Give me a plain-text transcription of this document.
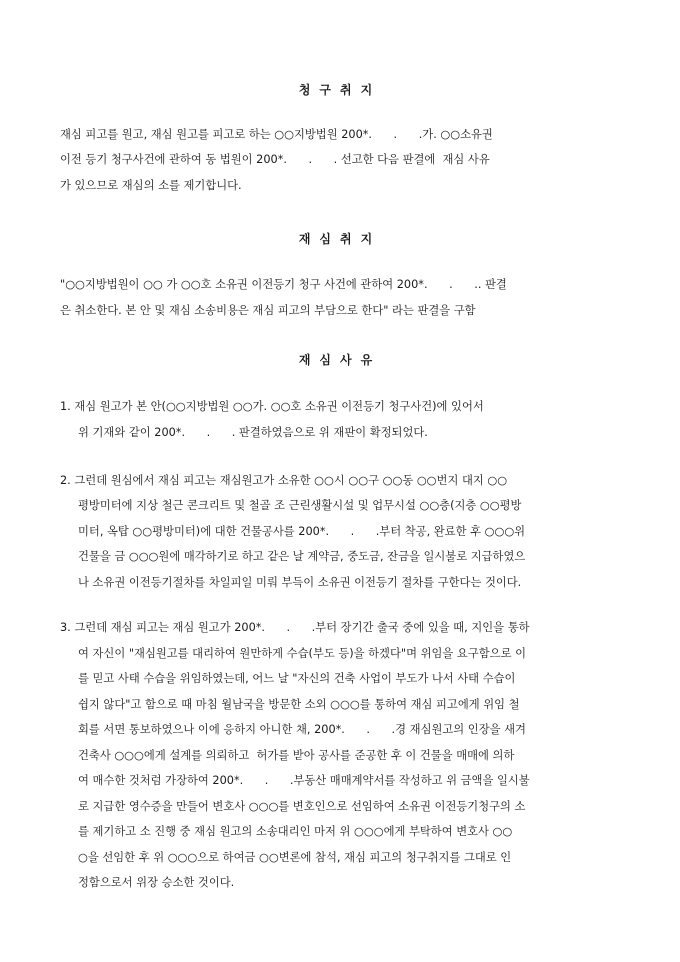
청구취지

재심 피고를 원고, 재심 원고를 피고로 하는 ○○지방법원 200*.      .      .가. ○○소유권

이전 등기 청구사건에 관하여 동 법원이 200*.      .      . 선고한 다음 판결에  재심 사유

가 있으므로 재심의 소를 제기합니다.

재심취지

"○○지방법원이 ○○ 가 ○○호 소유권 이전등기 청구 사건에 관하여 200*.      .      .. 판결

은 취소한다. 본 안 및 재심 소송비용은 재심 피고의 부담으로 한다" 라는 판결을 구함

재심사유

1. 재심 원고가 본 안(○○지방법원 ○○가. ○○호 소유권 이전등기 청구사건)에 있어서

위 기재와 같이 200*.      .      . 판결하였음으로 위 재판이 확정되었다.

2. 그런데 원심에서 재심 피고는 재심원고가 소유한 ○○시 ○○구 ○○동 ○○번지 대지 ○○

평방미터에 지상 철근 콘크리트 및 철골 조 근린생활시설 및 업무시설 ○○층(지층 ○○평방

미터, 옥탑 ○○평방미터)에 대한 건물공사를 200*.      .      .부터 착공, 완료한 후 ○○○위

건물을 금 ○○○원에 매각하기로 하고 같은 날 계약금, 중도금, 잔금을 일시불로 지급하였으

나 소유권 이전등기절차를 차일피일 미뤄 부득이 소유권 이전등기 절차를 구한다는 것이다.

3. 그런데 재심 피고는 재심 원고가 200*.      .      .부터 장기간 출국 중에 있을 때, 지인을 통하

여 자신이 "재심원고를 대리하여 원만하게 수습(부도 등)을 하겠다"며 위임을 요구함으로 이

를 믿고 사태 수습을 위임하였는데, 어느 날 "자신의 건축 사업이 부도가 나서 사태 수습이

쉽지 않다"고 함으로 때 마침 월남국을 방문한 소외 ○○○를 통하여 재심 피고에게 위임 철

회를 서면 통보하였으나 이에 응하지 아니한 채, 200*.      .      .경 재심원고의 인장을 새겨

건축사 ○○○에게 설계를 의뢰하고  허가를 받아 공사를 준공한 후 이 건물을 매매에 의하

여 매수한 것처럼 가장하여 200*.      .      .부동산 매매계약서를 작성하고 위 금액을 일시불

로 지급한 영수증을 만들어 변호사 ○○○를 변호인으로 선임하여 소유권 이전등기청구의 소

를 제기하고 소 진행 중 재심 원고의 소송대리인 마저 위 ○○○에게 부탁하여 변호사 ○○

○을 선임한 후 위 ○○○으로 하여금 ○○변론에 참석, 재심 피고의 청구취지를 그대로 인

정함으로서 위장 승소한 것이다.
